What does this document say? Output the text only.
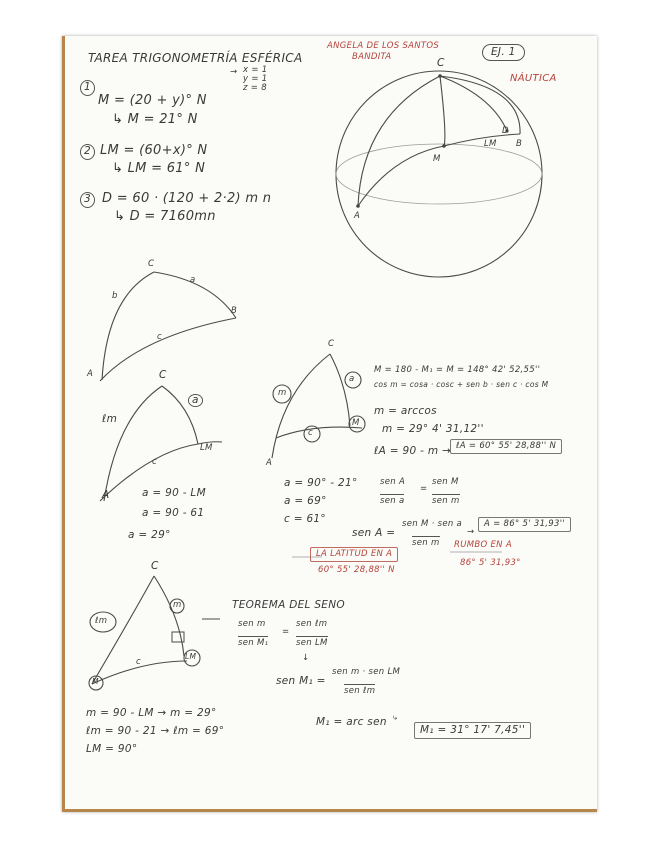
TAREA TRIGONOMETRÍA ESFÉRICA
ANGELA DE LOS SANTOS
BANDITA	EJ. 1
NÁUTICA
→ x = 1
y = 1
z = 8
1
M = (20 + y)° N
↳ M = 21° N
2 LM = (60+x)° N
↳ LM = 61° N
3 D = 60 · (120 + 2·2) m n
↳ D = 7160mn
C
M
LM B
D
A
C
a
b
B
c
A	C
a
ℓm
c
LM
A	a = 90 - LM
a = 90 - 61
a = 29°
C
m
a
c
M
A
a = 90° - 21°
a = 69°
c = 61°
M = 180 - M₁ = M = 148° 42' 52,55''
cos m = cosa · cosc + sen b · sen c · cos M
m = arccos
m = 29° 4' 31,12''
ℓA = 90 - m → ℓA = 60° 55' 28,88'' N
sen A
sen a
=
sen M
sen m
sen A =
sen M · sen a
sen m
→
A = 86° 5' 31,93''
LA LATITUD EN A
60° 55' 28,88'' N
RUMBO EN A
86° 5' 31,93°
C
ℓm
m
c
LM
M
m = 90 - LM → m = 29°
ℓm = 90 - 21 → ℓm = 69°
LM = 90°
TEOREMA DEL SENO
sen m
sen M₁
=
sen ℓm
sen LM
↓
sen M₁ =
sen m · sen LM
sen ℓm
M₁ = arc sen ⤷
M₁ = 31° 17' 7,45''
